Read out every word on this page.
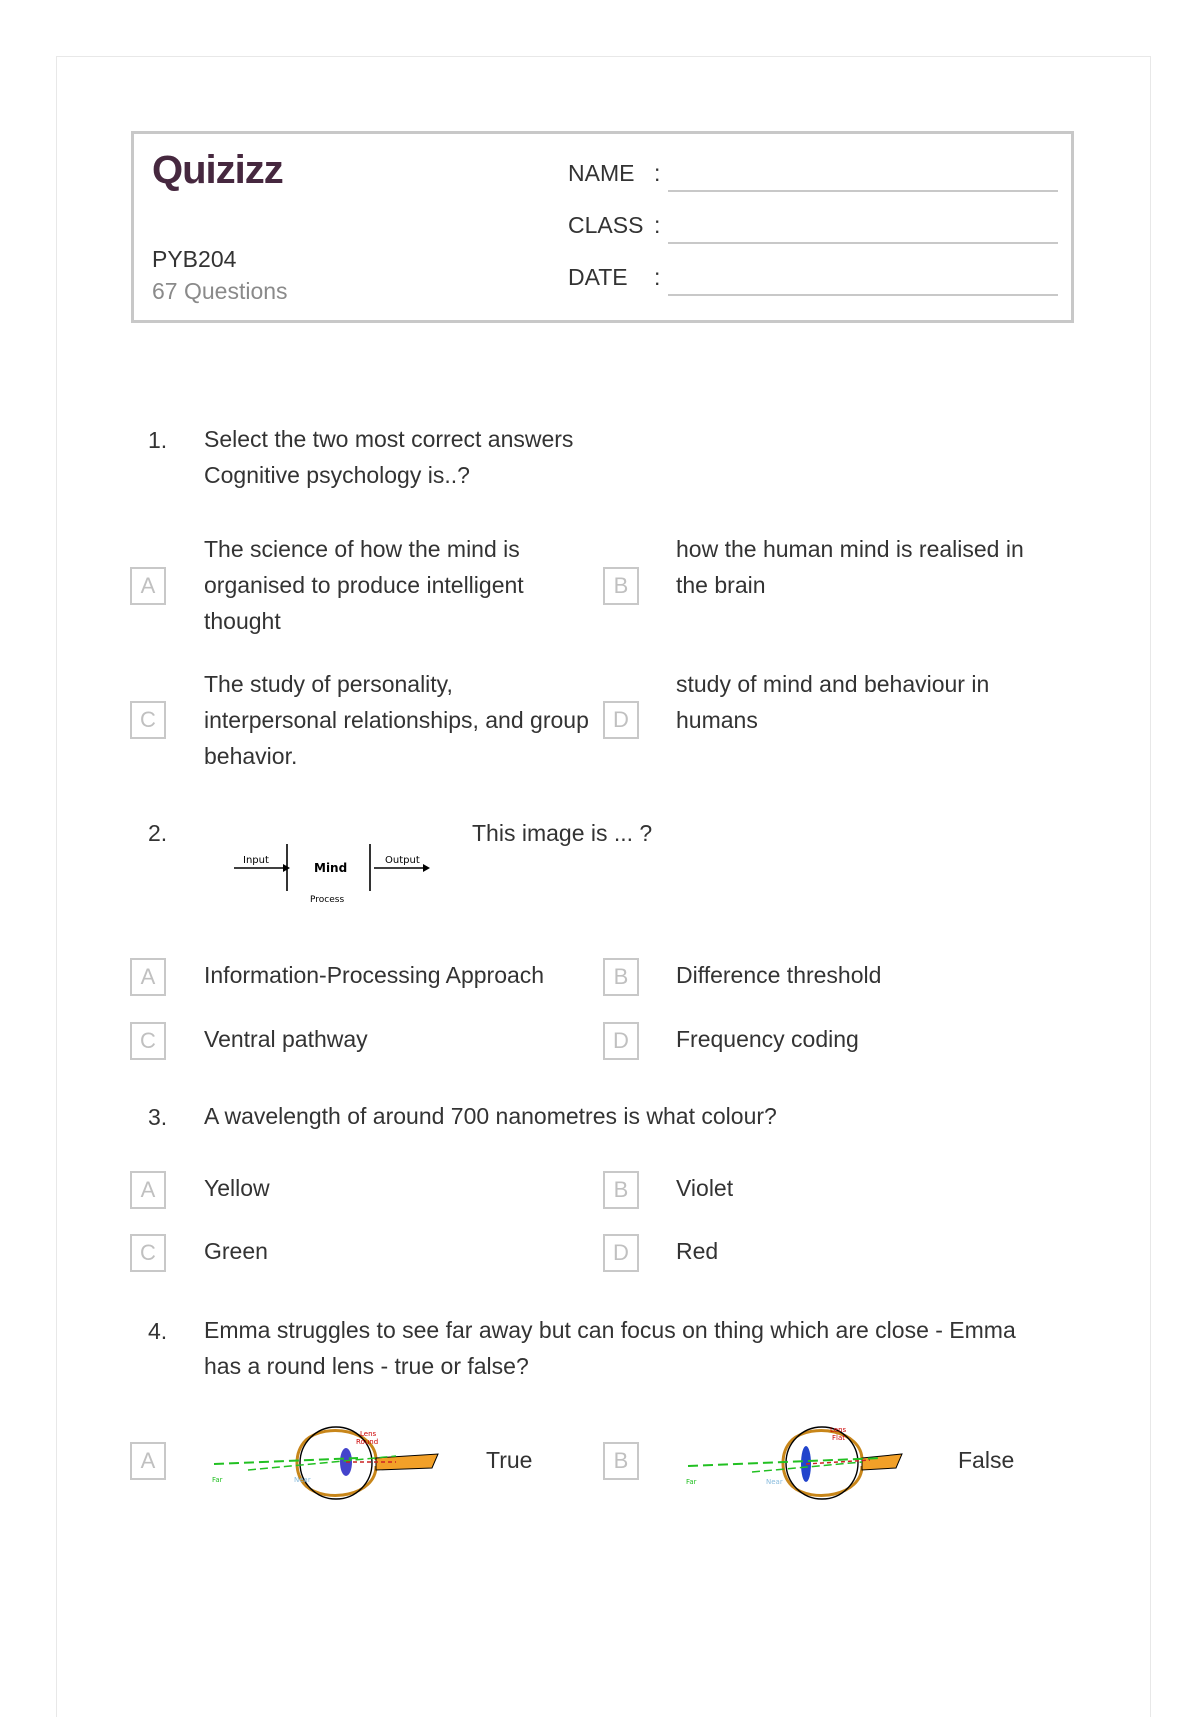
Quizizz
PYB204
67 Questions
NAME :
CLASS :
DATE :
1. Select the two most correct answers
Cognitive psychology is..?
A
The science of how the mind is
organised to produce intelligent
thought
B
how the human mind is realised in
the brain
C
The study of personality,
interpersonal relationships, and group
behavior.
D
study of mind and behaviour in
humans
2.
Input
Mind
Output
Process
This image is ... ?
A	Information-Processing Approach	B	Difference threshold
C	Ventral pathway	D	Frequency coding
3. A wavelength of around 700 nanometres is what colour?
A	Yellow	B	Violet
C	Green	D	Red
4. Emma struggles to see far away but can focus on thing which are close - Emma
has a round lens - true or false?
A
Lens
Round
Far	Near
True	B
Lens
Flat
Far	Near
False
